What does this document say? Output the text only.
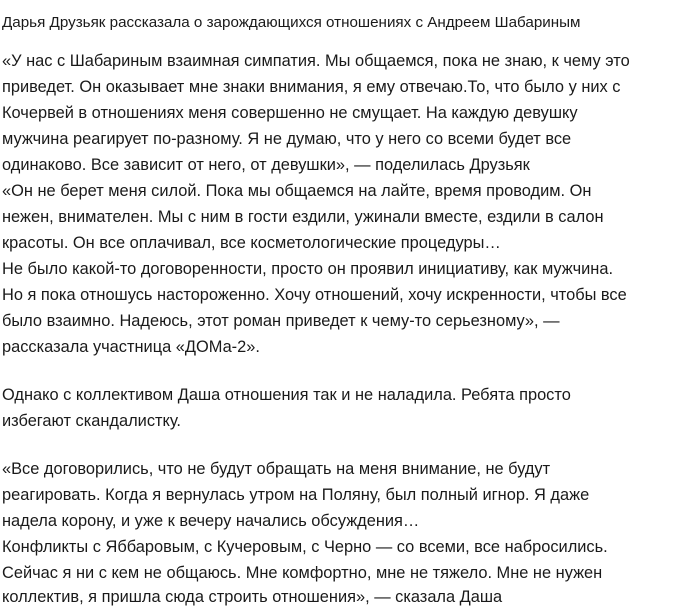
Дарья Друзьяк рассказала о зарождающихся отношениях с Андреем Шабариным
«У нас с Шабариным взаимная симпатия. Мы общаемся, пока не знаю, к чему это
приведет. Он оказывает мне знаки внимания, я ему отвечаю.То, что было у них с
Кочервей в отношениях меня совершенно не смущает. На каждую девушку
мужчина реагирует по-разному. Я не думаю, что у него со всеми будет все
одинаково. Все зависит от него, от девушки», — поделилась Друзьяк
«Он не берет меня силой. Пока мы общаемся на лайте, время проводим. Он
нежен, внимателен. Мы с ним в гости ездили, ужинали вместе, ездили в салон
красоты. Он все оплачивал, все косметологические процедуры…
Не было какой-то договоренности, просто он проявил инициативу, как мужчина.
Но я пока отношусь настороженно. Хочу отношений, хочу искренности, чтобы все
было взаимно. Надеюсь, этот роман приведет к чему-то серьезному», —
рассказала участница «ДОМа-2».
Однако с коллективом Даша отношения так и не наладила. Ребята просто
избегают скандалистку.
«Все договорились, что не будут обращать на меня внимание, не будут
реагировать. Когда я вернулась утром на Поляну, был полный игнор. Я даже
надела корону, и уже к вечеру начались обсуждения…
Конфликты с Яббаровым, с Кучеровым, с Черно — со всеми, все набросились.
Сейчас я ни с кем не общаюсь. Мне комфортно, мне не тяжело. Мне не нужен
коллектив, я пришла сюда строить отношения», — сказала Даша
